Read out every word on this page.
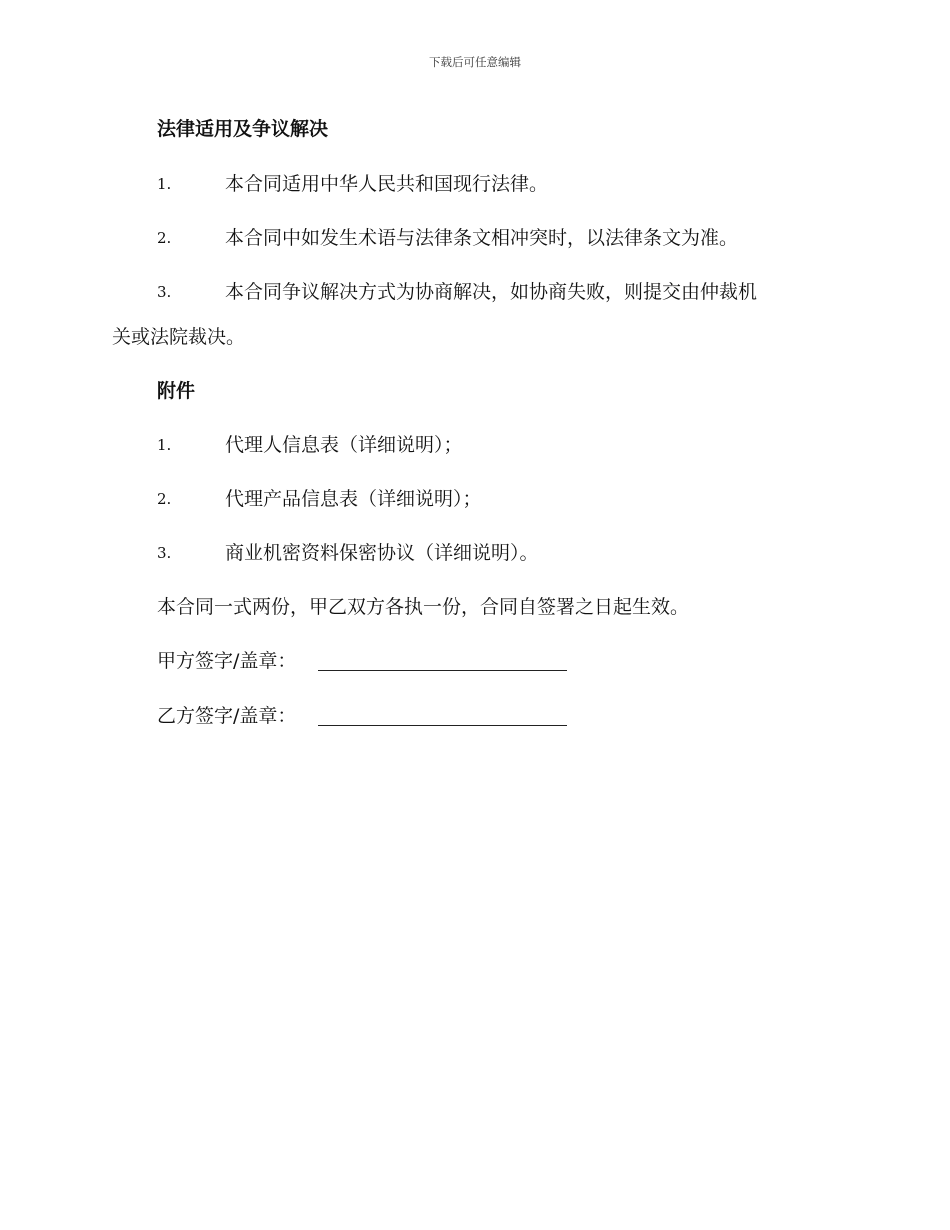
下载后可任意编辑
法律适用及争议解决
1.	本合同适用中华人民共和国现行法律。
2.	本合同中如发生术语与法律条文相冲突时，以法律条文为准。
3.	本合同争议解决方式为协商解决，如协商失败，则提交由仲裁机
关或法院裁决。
附件
1.	代理人信息表（详细说明）；
2.	代理产品信息表（详细说明）；
3.	商业机密资料保密协议（详细说明）。
本合同一式两份，甲乙双方各执一份，合同自签署之日起生效。
甲方签字/盖章：
乙方签字/盖章：
